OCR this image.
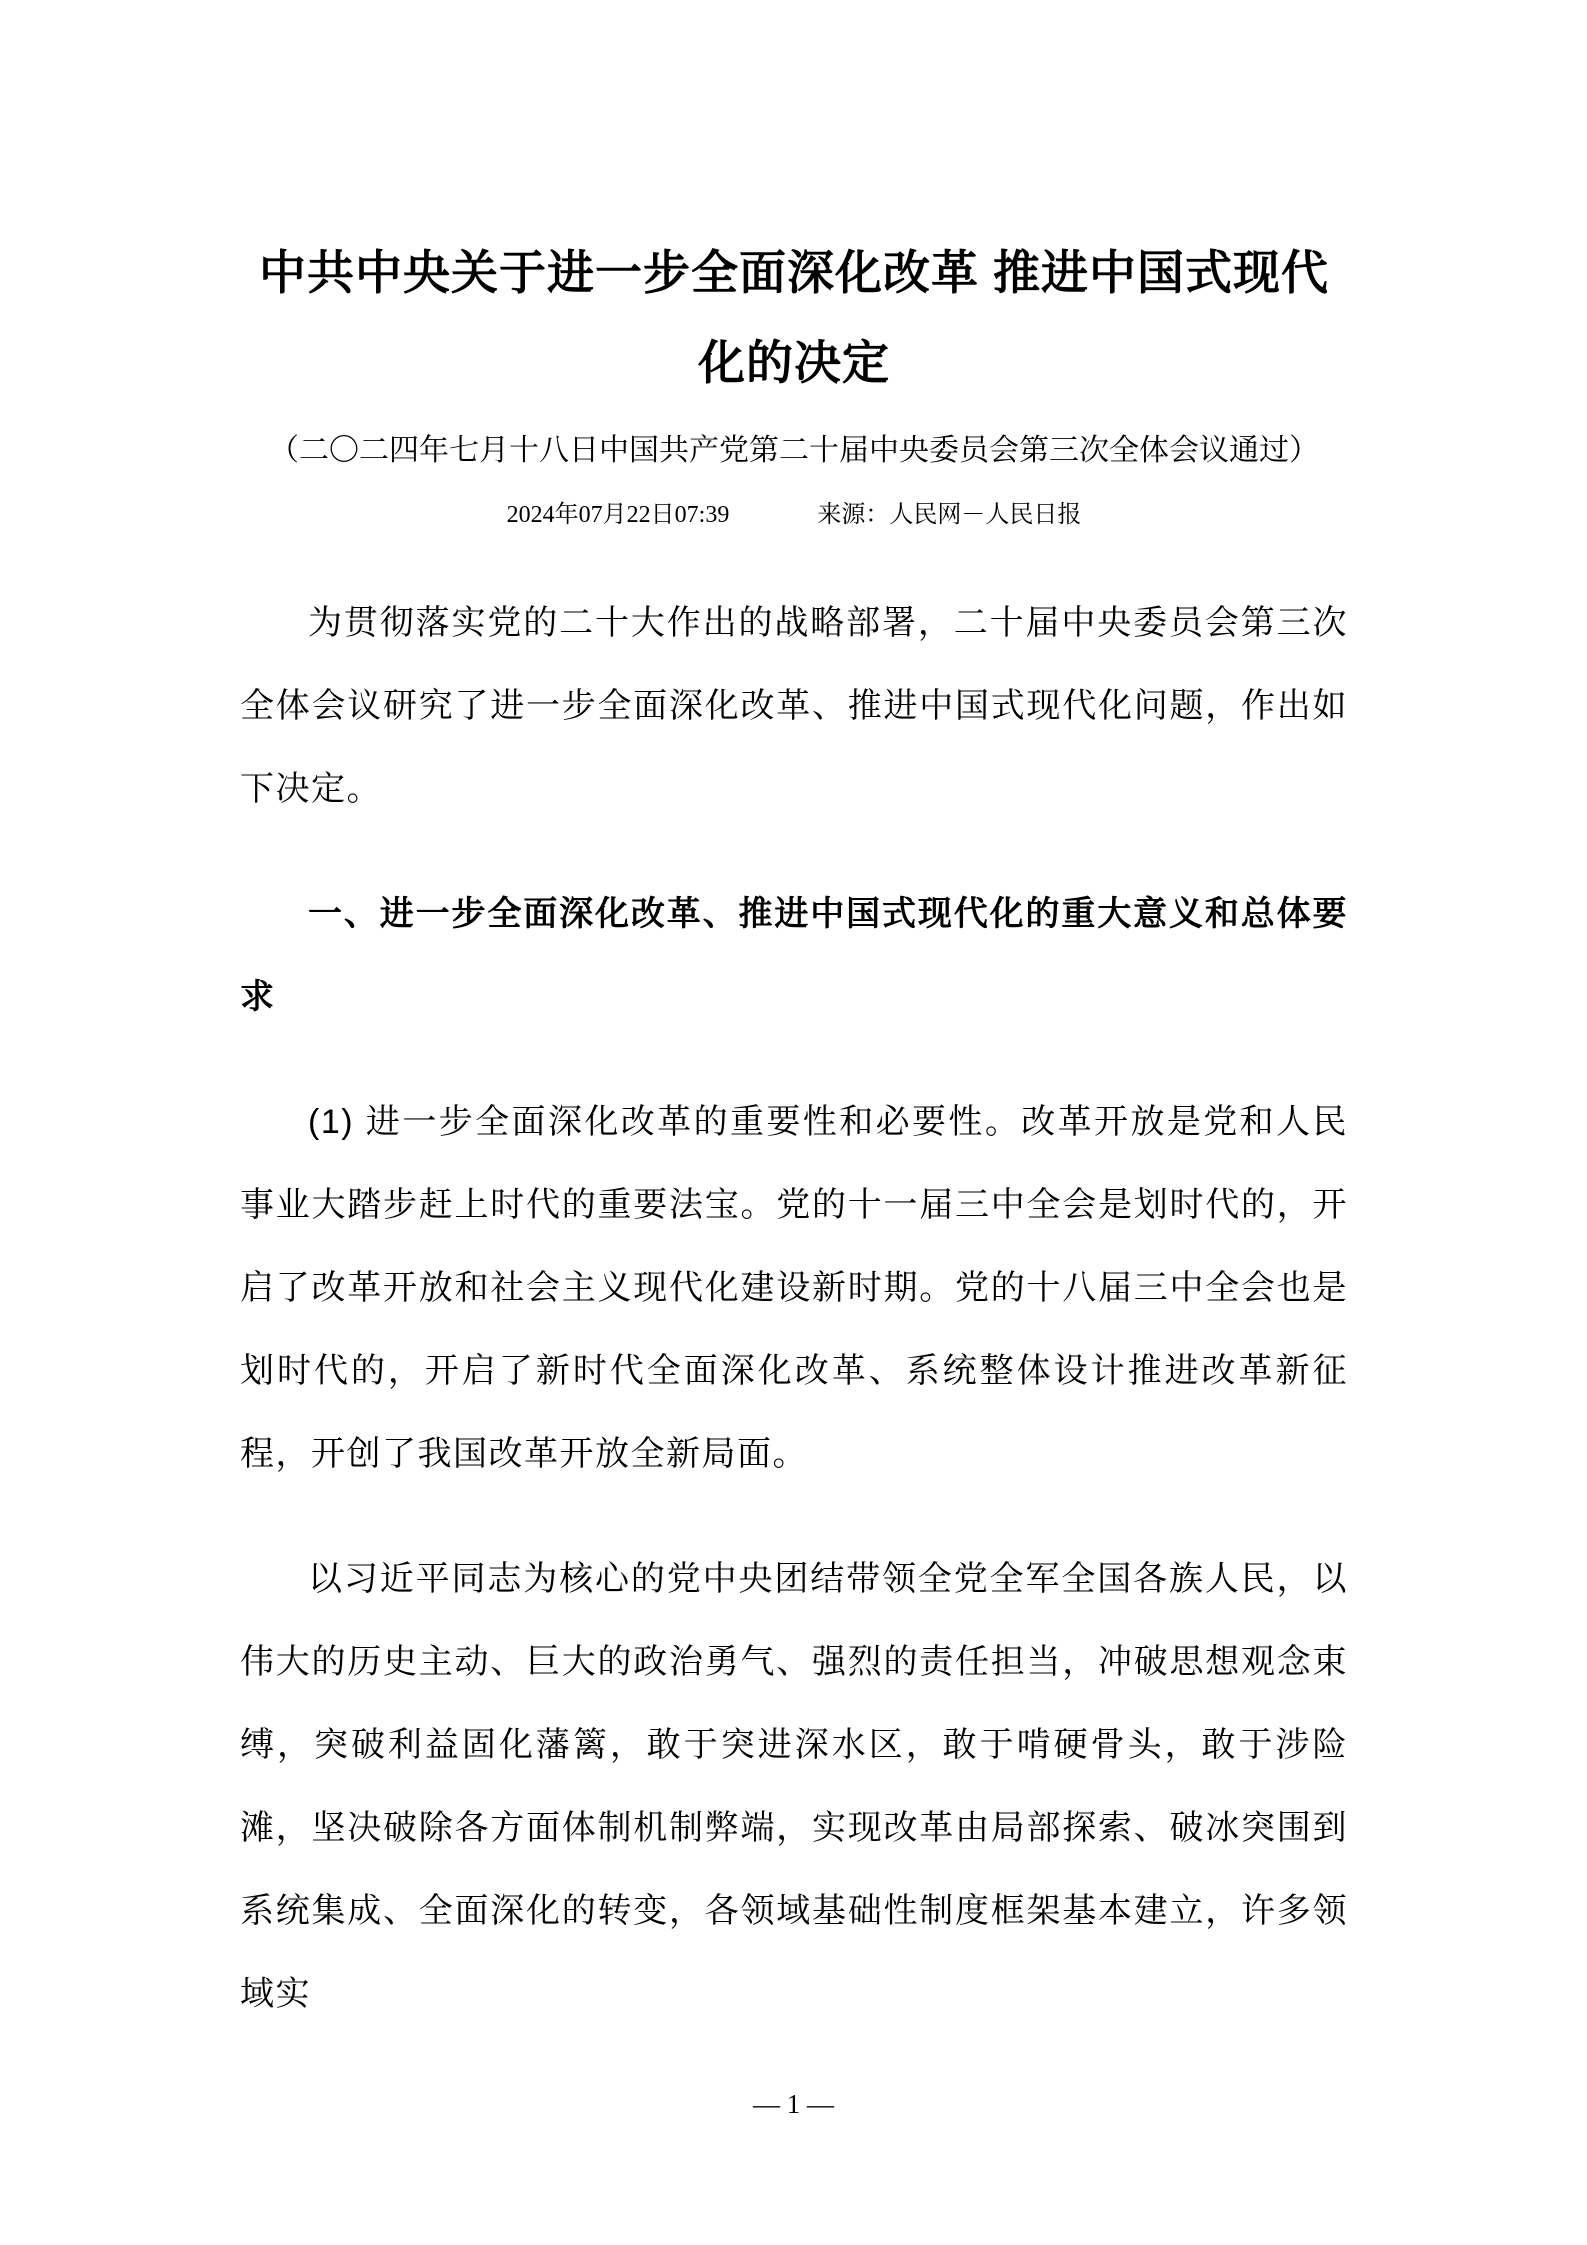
中共中央关于进一步全面深化改革 推进中国式现代化的决定

（二〇二四年七月十八日中国共产党第二十届中央委员会第三次全体会议通过）

2024年07月22日07:39	来源：人民网－人民日报

为贯彻落实党的二十大作出的战略部署，二十届中央委员会第三次全体会议研究了进一步全面深化改革、推进中国式现代化问题，作出如下决定。

一、进一步全面深化改革、推进中国式现代化的重大意义和总体要求

(1) 进一步全面深化改革的重要性和必要性。改革开放是党和人民事业大踏步赶上时代的重要法宝。党的十一届三中全会是划时代的，开启了改革开放和社会主义现代化建设新时期。党的十八届三中全会也是划时代的，开启了新时代全面深化改革、系统整体设计推进改革新征程，开创了我国改革开放全新局面。

以习近平同志为核心的党中央团结带领全党全军全国各族人民，以伟大的历史主动、巨大的政治勇气、强烈的责任担当，冲破思想观念束缚，突破利益固化藩篱，敢于突进深水区，敢于啃硬骨头，敢于涉险滩，坚决破除各方面体制机制弊端，实现改革由局部探索、破冰突围到系统集成、全面深化的转变，各领域基础性制度框架基本建立，许多领域实

— 1 —
